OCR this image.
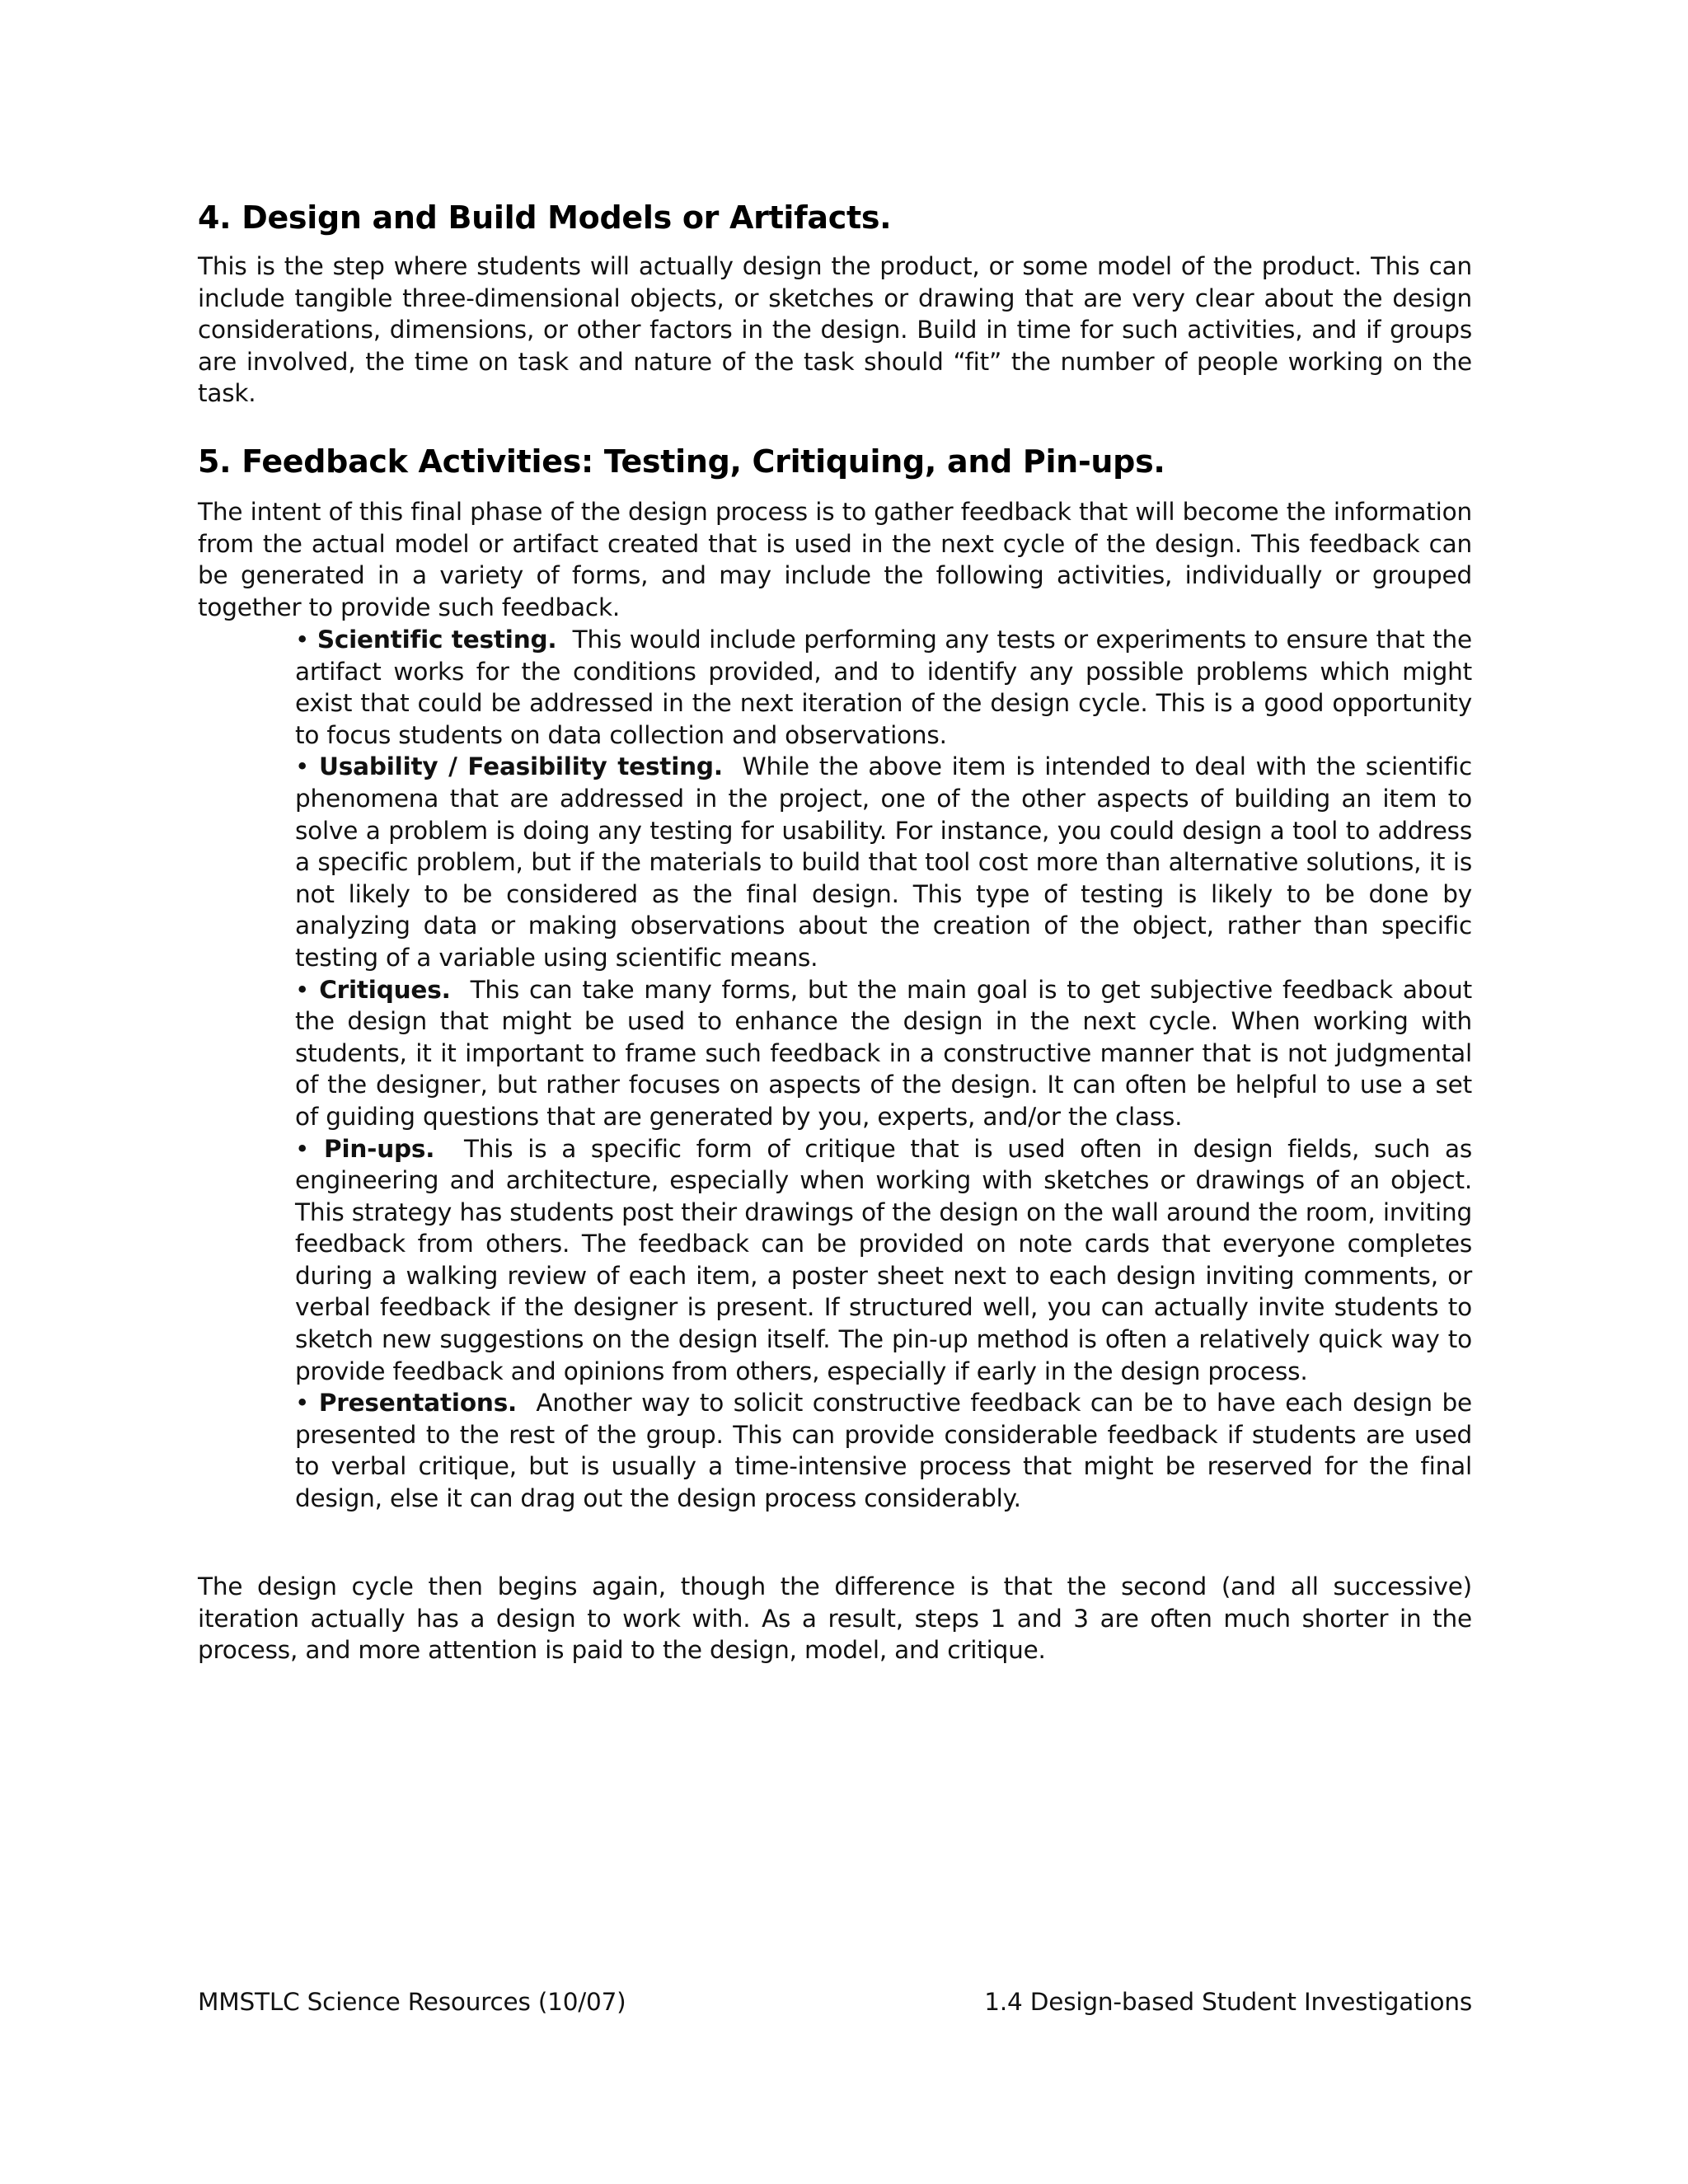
4. Design and Build Models or Artifacts.

This is the step where students will actually design the product, or some model of the product. This can include tangible three-dimensional objects, or sketches or drawing that are very clear about the design considerations, dimensions, or other factors in the design. Build in time for such activities, and if groups are involved, the time on task and nature of the task should “fit” the number of people working on the task.

5. Feedback Activities: Testing, Critiquing, and Pin-ups.

The intent of this final phase of the design process is to gather feedback that will become the information from the actual model or artifact created that is used in the next cycle of the design. This feedback can be generated in a variety of forms, and may include the following activities, individually or grouped together to provide such feedback.

• Scientific testing. This would include performing any tests or experiments to ensure that the artifact works for the conditions provided, and to identify any possible problems which might exist that could be addressed in the next iteration of the design cycle. This is a good opportunity to focus students on data collection and observations.
• Usability / Feasibility testing. While the above item is intended to deal with the scientific phenomena that are addressed in the project, one of the other aspects of building an item to solve a problem is doing any testing for usability. For instance, you could design a tool to address a specific problem, but if the materials to build that tool cost more than alternative solutions, it is not likely to be considered as the final design. This type of testing is likely to be done by analyzing data or making observations about the creation of the object, rather than specific testing of a variable using scientific means.
• Critiques. This can take many forms, but the main goal is to get subjective feedback about the design that might be used to enhance the design in the next cycle. When working with students, it it important to frame such feedback in a constructive manner that is not judgmental of the designer, but rather focuses on aspects of the design. It can often be helpful to use a set of guiding questions that are generated by you, experts, and/or the class.
• Pin-ups. This is a specific form of critique that is used often in design fields, such as engineering and architecture, especially when working with sketches or drawings of an object. This strategy has students post their drawings of the design on the wall around the room, inviting feedback from others. The feedback can be provided on note cards that everyone completes during a walking review of each item, a poster sheet next to each design inviting comments, or verbal feedback if the designer is present. If structured well, you can actually invite students to sketch new suggestions on the design itself. The pin-up method is often a relatively quick way to provide feedback and opinions from others, especially if early in the design process.
• Presentations. Another way to solicit constructive feedback can be to have each design be presented to the rest of the group. This can provide considerable feedback if students are used to verbal critique, but is usually a time-intensive process that might be reserved for the final design, else it can drag out the design process considerably.

The design cycle then begins again, though the difference is that the second (and all successive) iteration actually has a design to work with. As a result, steps 1 and 3 are often much shorter in the process, and more attention is paid to the design, model, and critique.

MMSTLC Science Resources (10/07)	1.4 Design-based Student Investigations
